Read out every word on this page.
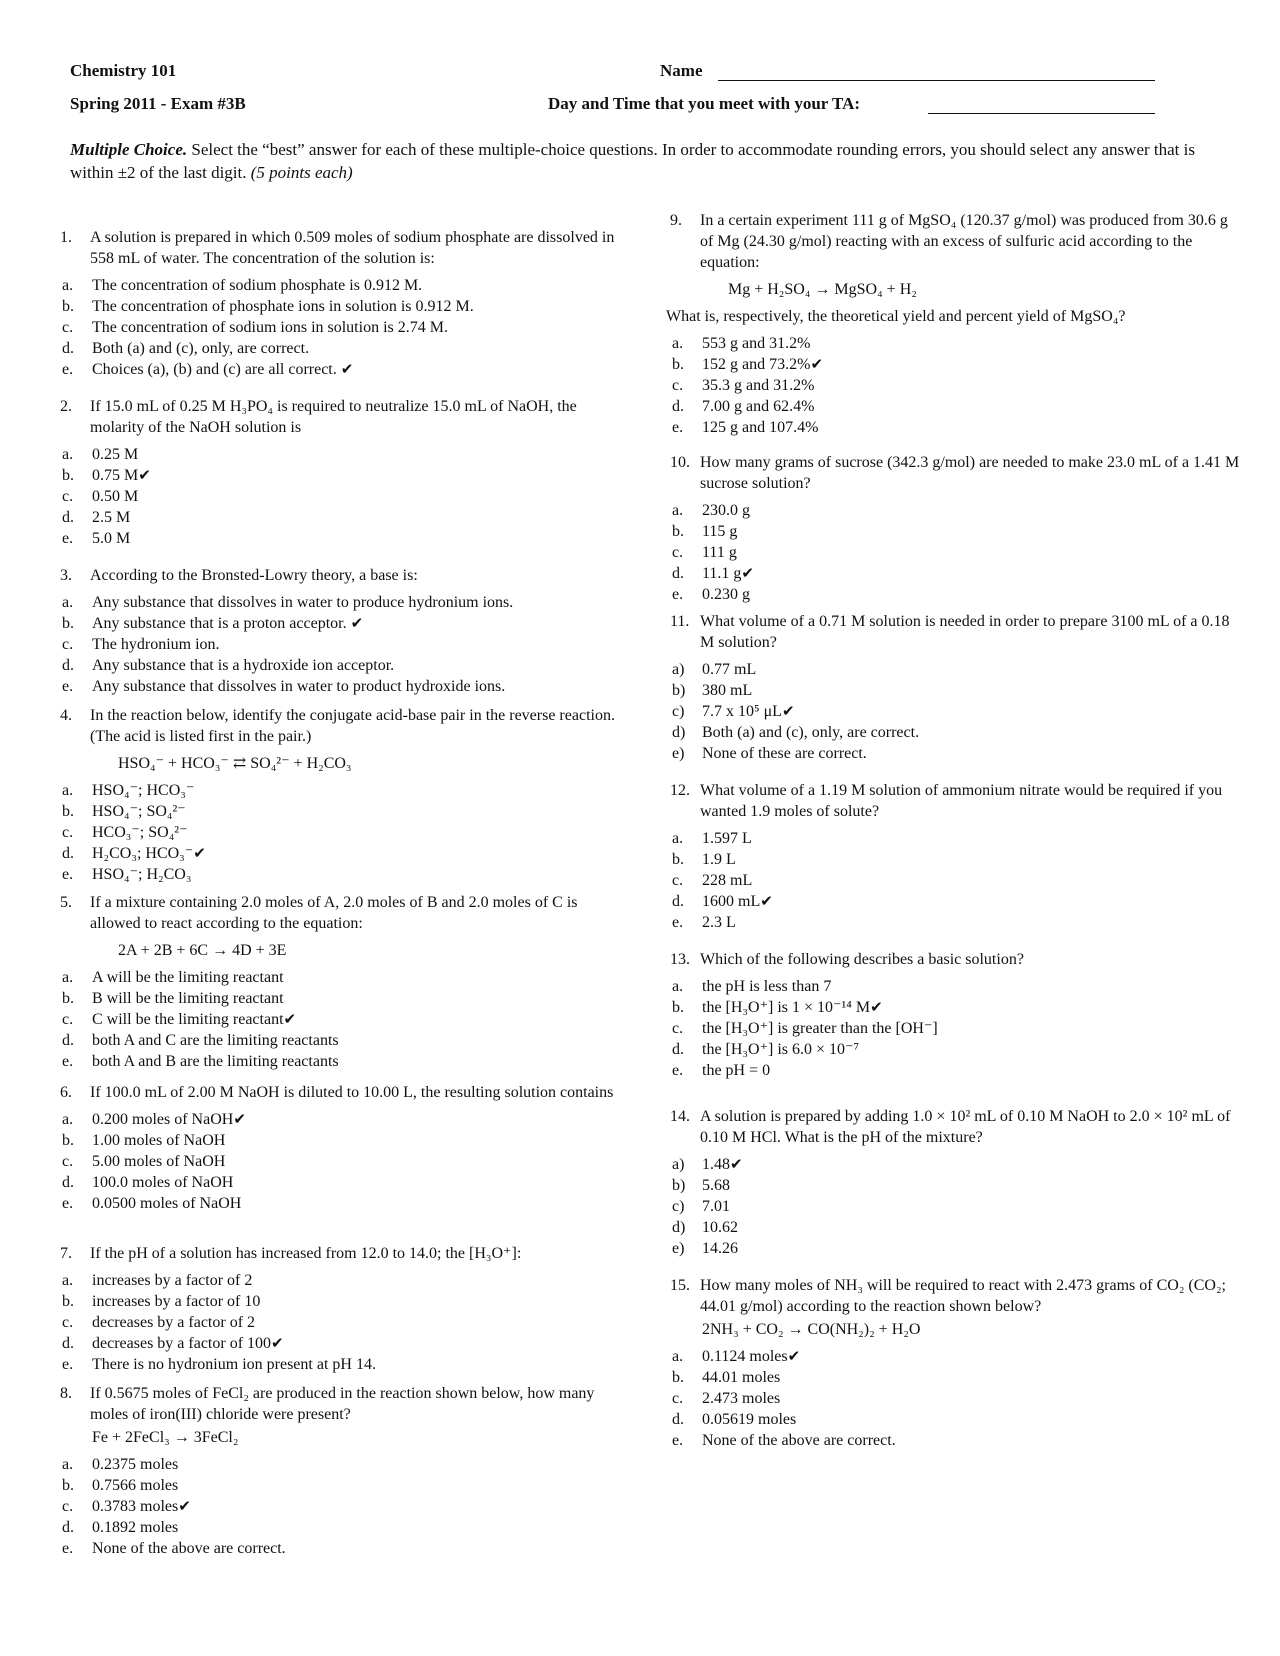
Chemistry 101
Spring 2011 - Exam #3B
Name
Day and Time that you meet with your TA:
Multiple Choice. Select the “best” answer for each of these multiple-choice questions. In order to accommodate rounding errors, you should select any answer that is within ±2 of the last digit. (5 points each)
1.	A solution is prepared in which 0.509 moles of sodium phosphate are dissolved in 558 mL of water. The concentration of the solution is:
a.	The concentration of sodium phosphate is 0.912 M.
b.	The concentration of phosphate ions in solution is 0.912 M.
c.	The concentration of sodium ions in solution is 2.74 M.
d.	Both (a) and (c), only, are correct.
e.	Choices (a), (b) and (c) are all correct. ✔
2.	If 15.0 mL of 0.25 M H₃PO₄ is required to neutralize 15.0 mL of NaOH, the molarity of the NaOH solution is
a.	0.25 M
b.	0.75 M✔
c.	0.50 M
d.	2.5 M
e.	5.0 M
3.	According to the Bronsted-Lowry theory, a base is:
a.	Any substance that dissolves in water to produce hydronium ions.
b.	Any substance that is a proton acceptor. ✔
c.	The hydronium ion.
d.	Any substance that is a hydroxide ion acceptor.
e.	Any substance that dissolves in water to product hydroxide ions.
4.	In the reaction below, identify the conjugate acid-base pair in the reverse reaction. (The acid is listed first in the pair.)
HSO₄⁻ + HCO₃⁻ ⇄ SO₄²⁻ + H₂CO₃
a.	HSO₄⁻; HCO₃⁻
b.	HSO₄⁻; SO₄²⁻
c.	HCO₃⁻; SO₄²⁻
d.	H₂CO₃; HCO₃⁻✔
e.	HSO₄⁻; H₂CO₃
5.	If a mixture containing 2.0 moles of A, 2.0 moles of B and 2.0 moles of C is allowed to react according to the equation:
2A + 2B + 6C → 4D + 3E
a.	A will be the limiting reactant
b.	B will be the limiting reactant
c.	C will be the limiting reactant✔
d.	both A and C are the limiting reactants
e.	both A and B are the limiting reactants
6.	If 100.0 mL of 2.00 M NaOH is diluted to 10.00 L, the resulting solution contains
a.	0.200 moles of NaOH✔
b.	1.00 moles of NaOH
c.	5.00 moles of NaOH
d.	100.0 moles of NaOH
e.	0.0500 moles of NaOH
7.	If the pH of a solution has increased from 12.0 to 14.0; the [H₃O⁺]:
a.	increases by a factor of 2
b.	increases by a factor of 10
c.	decreases by a factor of 2
d.	decreases by a factor of 100✔
e.	There is no hydronium ion present at pH 14.
8.	If 0.5675 moles of FeCl₂ are produced in the reaction shown below, how many moles of iron(III) chloride were present?
Fe + 2FeCl₃ → 3FeCl₂
a.	0.2375 moles
b.	0.7566 moles
c.	0.3783 moles✔
d.	0.1892 moles
e.	None of the above are correct.
9.	In a certain experiment 111 g of MgSO₄ (120.37 g/mol) was produced from 30.6 g of Mg (24.30 g/mol) reacting with an excess of sulfuric acid according to the equation:
Mg + H₂SO₄ → MgSO₄ + H₂
What is, respectively, the theoretical yield and percent yield of MgSO₄?
a.	553 g and 31.2%
b.	152 g and 73.2%✔
c.	35.3 g and 31.2%
d.	7.00 g and 62.4%
e.	125 g and 107.4%
10. How many grams of sucrose (342.3 g/mol) are needed to make 23.0 mL of a 1.41 M sucrose solution?
a.	230.0 g
b.	115 g
c.	111 g
d.	11.1 g✔
e.	0.230 g
11. What volume of a 0.71 M solution is needed in order to prepare 3100 mL of a 0.18 M solution?
a)	0.77 mL
b)	380 mL
c)	7.7 x 10⁵ μL✔
d)	Both (a) and (c), only, are correct.
e)	None of these are correct.
12. What volume of a 1.19 M solution of ammonium nitrate would be required if you wanted 1.9 moles of solute?
a.	1.597 L
b.	1.9 L
c.	228 mL
d.	1600 mL✔
e.	2.3 L
13. Which of the following describes a basic solution?
a.	the pH is less than 7
b.	the [H₃O⁺] is 1 × 10⁻¹⁴ M✔
c.	the [H₃O⁺] is greater than the [OH⁻]
d.	the [H₃O⁺] is 6.0 × 10⁻⁷
e.	the pH = 0
14. A solution is prepared by adding 1.0 × 10² mL of 0.10 M NaOH to 2.0 × 10² mL of 0.10 M HCl. What is the pH of the mixture?
a)	1.48✔
b)	5.68
c)	7.01
d)	10.62
e)	14.26
15. How many moles of NH₃ will be required to react with 2.473 grams of CO₂ (CO₂; 44.01 g/mol) according to the reaction shown below?
2NH₃ + CO₂ → CO(NH₂)₂ + H₂O
a.	0.1124 moles✔
b.	44.01 moles
c.	2.473 moles
d.	0.05619 moles
e.	None of the above are correct.
